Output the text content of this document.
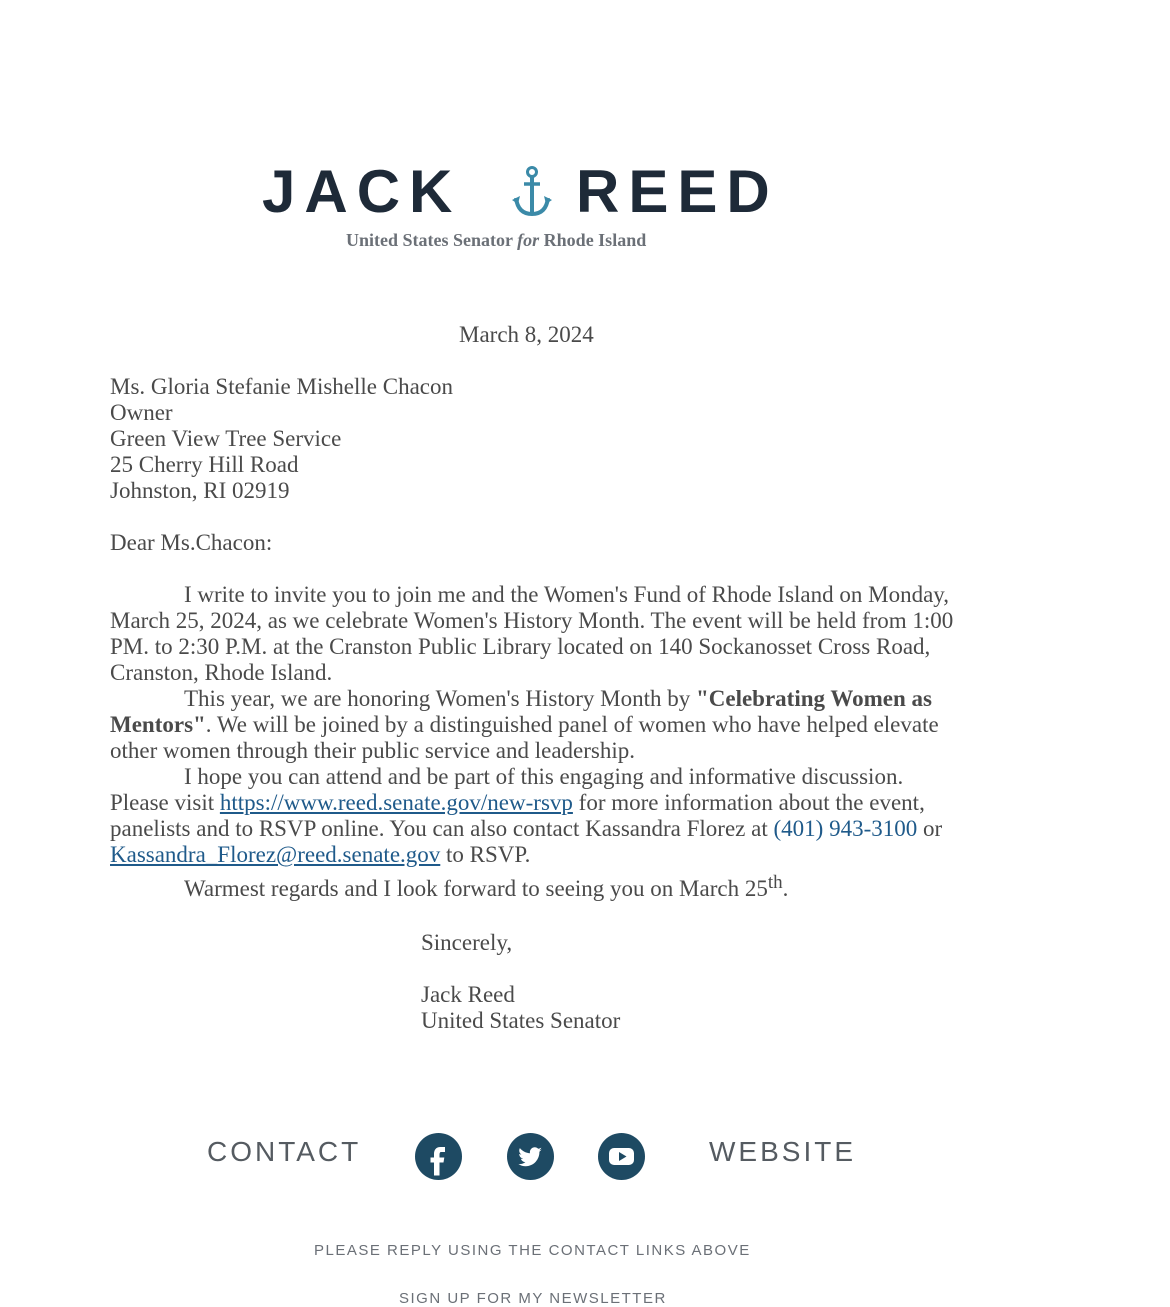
JACK REED
United States Senator for Rhode Island
March 8, 2024
Ms. Gloria Stefanie Mishelle Chacon
Owner
Green View Tree Service
25 Cherry Hill Road
Johnston, RI 02919
Dear Ms.Chacon:

I write to invite you to join me and the Women's Fund of Rhode Island on Monday, March 25, 2024, as we celebrate Women's History Month. The event will be held from 1:00 PM. to 2:30 P.M. at the Cranston Public Library located on 140 Sockanosset Cross Road, Cranston, Rhode Island.

This year, we are honoring Women's History Month by "Celebrating Women as Mentors". We will be joined by a distinguished panel of women who have helped elevate other women through their public service and leadership.

I hope you can attend and be part of this engaging and informative discussion. Please visit https://www.reed.senate.gov/new-rsvp for more information about the event, panelists and to RSVP online. You can also contact Kassandra Florez at (401) 943-3100 or Kassandra_Florez@reed.senate.gov to RSVP.

Warmest regards and I look forward to seeing you on March 25th.

Sincerely,
Jack Reed
United States Senator
CONTACT	WEBSITE
PLEASE REPLY USING THE CONTACT LINKS ABOVE
SIGN UP FOR MY NEWSLETTER
